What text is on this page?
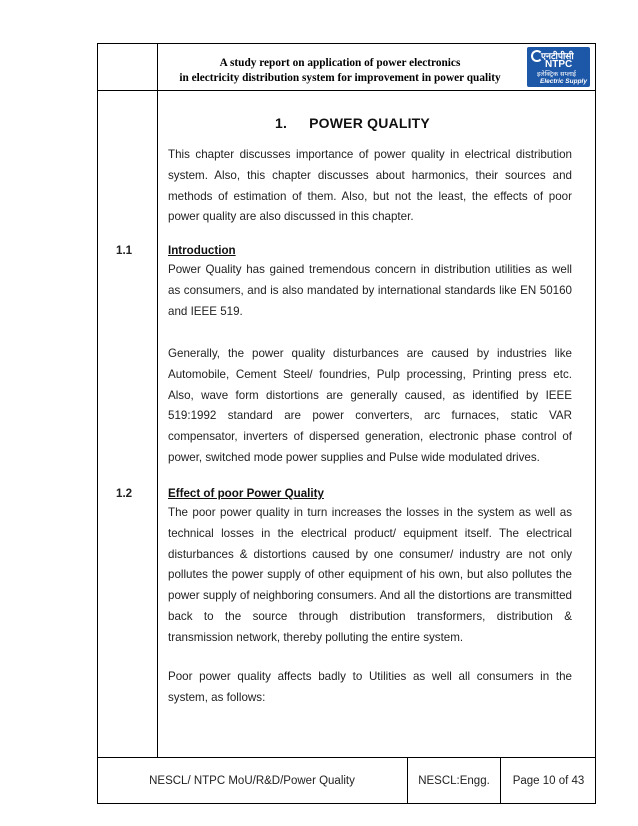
A study report on application of power electronics
in electricity distribution system for improvement in power quality
एनटीपीसी
NTPC
इलेक्ट्रिक सप्लाई
Electric Supply
1. POWER QUALITY
This chapter discusses importance of power quality in electrical distribution system. Also, this chapter discusses about harmonics, their sources and methods of estimation of them. Also, but not the least, the effects of poor power quality are also discussed in this chapter.
1.1	Introduction
Power Quality has gained tremendous concern in distribution utilities as well as consumers, and is also mandated by international standards like EN 50160 and IEEE 519.
Generally, the power quality disturbances are caused by industries like Automobile, Cement Steel/ foundries, Pulp processing, Printing press etc. Also, wave form distortions are generally caused, as identified by IEEE 519:1992 standard are power converters, arc furnaces, static VAR compensator, inverters of dispersed generation, electronic phase control of power, switched mode power supplies and Pulse wide modulated drives.
1.2	Effect of poor Power Quality
The poor power quality in turn increases the losses in the system as well as technical losses in the electrical product/ equipment itself. The electrical disturbances & distortions caused by one consumer/ industry are not only pollutes the power supply of other equipment of his own, but also pollutes the power supply of neighboring consumers. And all the distortions are transmitted back to the source through distribution transformers, distribution & transmission network, thereby polluting the entire system.
Poor power quality affects badly to Utilities as well all consumers in the system, as follows:
NESCL/ NTPC MoU/R&D/Power Quality	NESCL:Engg.	Page 10 of 43
